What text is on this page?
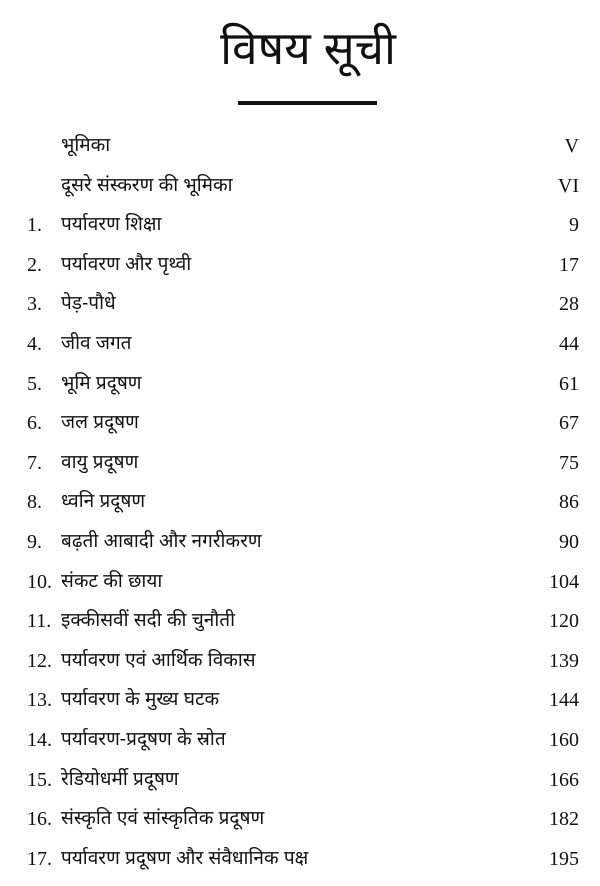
विषय सूची
भूमिका	V
दूसरे संस्करण की भूमिका	VI
1. पर्यावरण शिक्षा	9
2. पर्यावरण और पृथ्वी	17
3. पेड़-पौधे	28
4. जीव जगत	44
5. भूमि प्रदूषण	61
6. जल प्रदूषण	67
7. वायु प्रदूषण	75
8. ध्वनि प्रदूषण	86
9. बढ़ती आबादी और नगरीकरण	90
10. संकट की छाया	104
11. इक्कीसवीं सदी की चुनौती	120
12. पर्यावरण एवं आर्थिक विकास	139
13. पर्यावरण के मुख्य घटक	144
14. पर्यावरण-प्रदूषण के स्रोत	160
15. रेडियोधर्मी प्रदूषण	166
16. संस्कृति एवं सांस्कृतिक प्रदूषण	182
17. पर्यावरण प्रदूषण और संवैधानिक पक्ष	195
